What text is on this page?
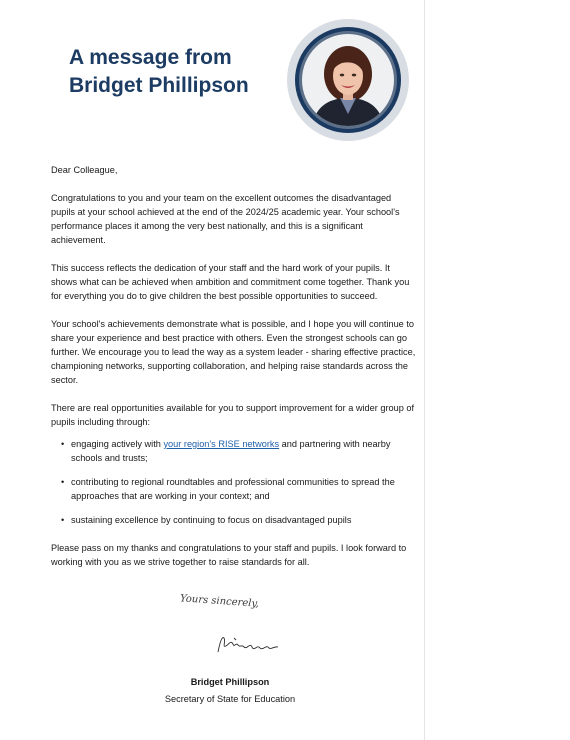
A message from
Bridget Phillipson

Dear Colleague,

Congratulations to you and your team on the excellent outcomes the disadvantaged pupils at your school achieved at the end of the 2024/25 academic year. Your school's performance places it among the very best nationally, and this is a significant achievement.

This success reflects the dedication of your staff and the hard work of your pupils. It shows what can be achieved when ambition and commitment come together. Thank you for everything you do to give children the best possible opportunities to succeed.

Your school's achievements demonstrate what is possible, and I hope you will continue to share your experience and best practice with others. Even the strongest schools can go further. We encourage you to lead the way as a system leader - sharing effective practice, championing networks, supporting collaboration, and helping raise standards across the sector.

There are real opportunities available for you to support improvement for a wider group of pupils including through:

• engaging actively with your region's RISE networks and partnering with nearby schools and trusts;
• contributing to regional roundtables and professional communities to spread the approaches that are working in your context; and
• sustaining excellence by continuing to focus on disadvantaged pupils

Please pass on my thanks and congratulations to your staff and pupils. I look forward to working with you as we strive together to raise standards for all.

Yours sincerely,
Bridget Phillipson
Secretary of State for Education
